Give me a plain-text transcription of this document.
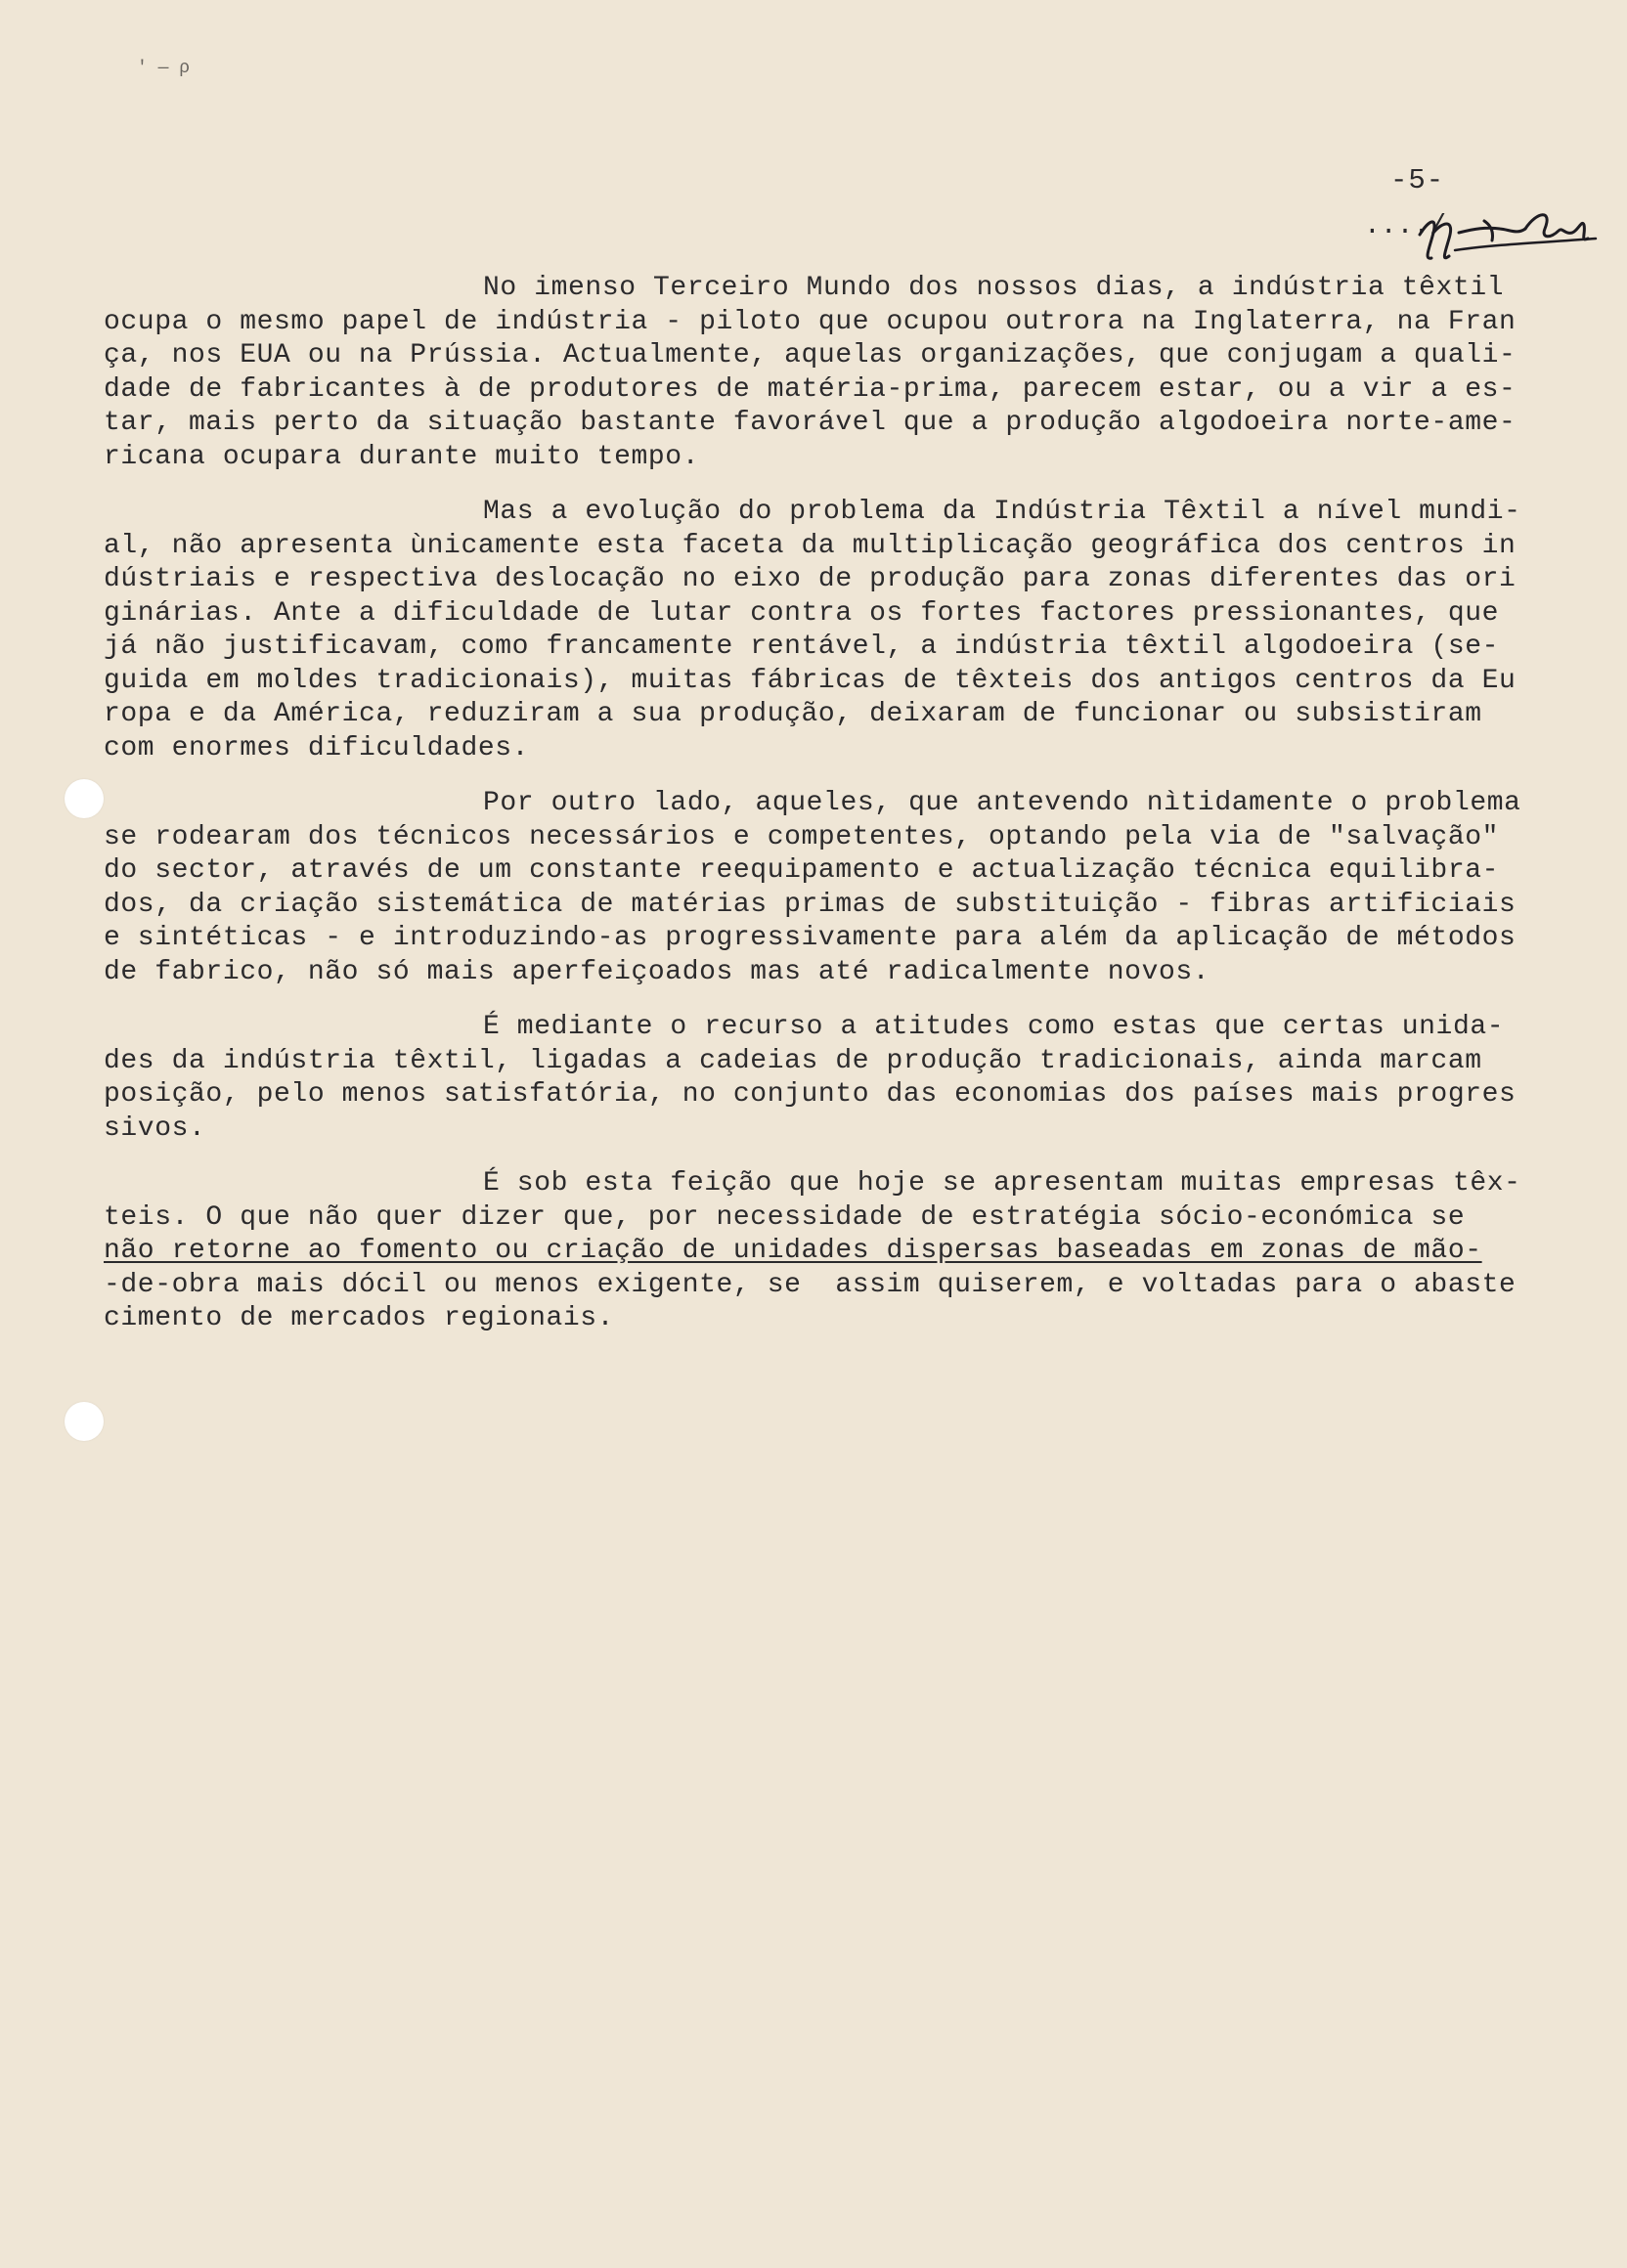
' — ρ
-5-
..../
No imenso Terceiro Mundo dos nossos dias, a indústria têxtil
ocupa o mesmo papel de indústria - piloto que ocupou outrora na Inglaterra, na Fran
ça, nos EUA ou na Prússia. Actualmente, aquelas organizações, que conjugam a quali-
dade de fabricantes à de produtores de matéria-prima, parecem estar, ou a vir a es-
tar, mais perto da situação bastante favorável que a produção algodoeira norte-ame-
ricana ocupara durante muito tempo.
Mas a evolução do problema da Indústria Têxtil a nível mundi-
al, não apresenta ùnicamente esta faceta da multiplicação geográfica dos centros in
dústriais e respectiva deslocação no eixo de produção para zonas diferentes das ori
ginárias. Ante a dificuldade de lutar contra os fortes factores pressionantes, que
já não justificavam, como francamente rentável, a indústria têxtil algodoeira (se-
guida em moldes tradicionais), muitas fábricas de têxteis dos antigos centros da Eu
ropa e da América, reduziram a sua produção, deixaram de funcionar ou subsistiram
com enormes dificuldades.
Por outro lado, aqueles, que antevendo nìtidamente o problema
se rodearam dos técnicos necessários e competentes, optando pela via de "salvação"
do sector, através de um constante reequipamento e actualização técnica equilibra-
dos, da criação sistemática de matérias primas de substituição - fibras artificiais
e sintéticas - e introduzindo-as progressivamente para além da aplicação de métodos
de fabrico, não só mais aperfeiçoados mas até radicalmente novos.
É mediante o recurso a atitudes como estas que certas unida-
des da indústria têxtil, ligadas a cadeias de produção tradicionais, ainda marcam
posição, pelo menos satisfatória, no conjunto das economias dos países mais progres
sivos.
É sob esta feição que hoje se apresentam muitas empresas têx-
teis. O que não quer dizer que, por necessidade de estratégia sócio-económica se
não retorne ao fomento ou criação de unidades dispersas baseadas em zonas de mão-
-de-obra mais dócil ou menos exigente, se  assim quiserem, e voltadas para o abaste
cimento de mercados regionais.
